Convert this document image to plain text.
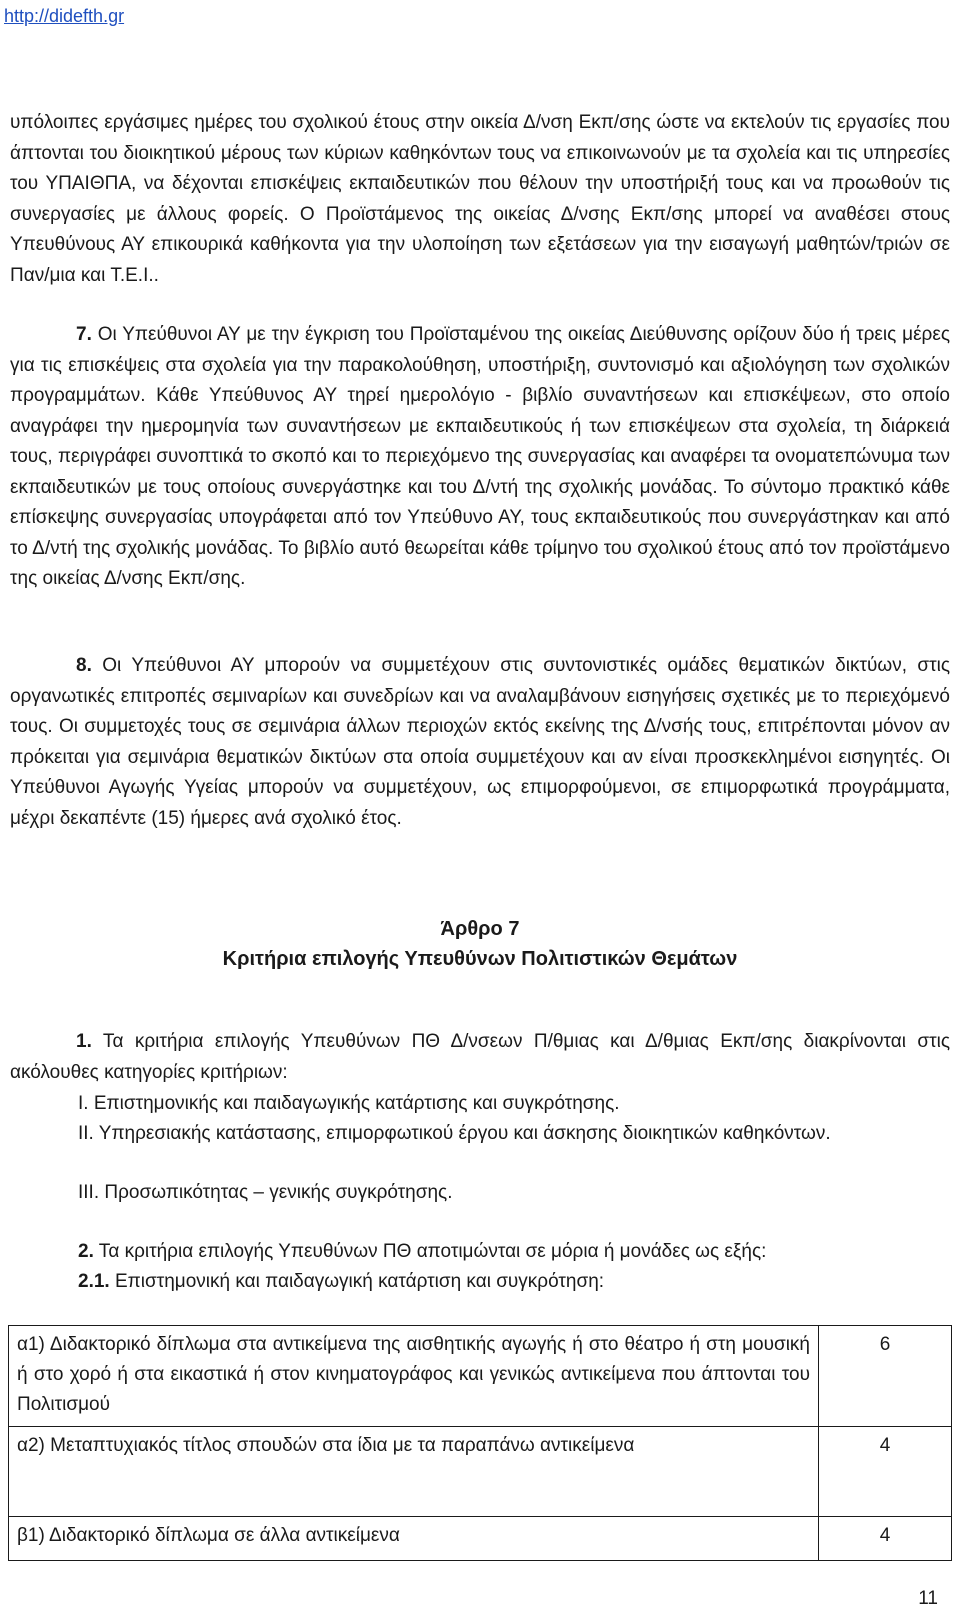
http://didefth.gr

υπόλοιπες εργάσιμες ημέρες του σχολικού έτους στην οικεία Δ/νση Εκπ/σης ώστε να εκτελούν τις εργασίες που άπτονται του διοικητικού μέρους των κύριων καθηκόντων τους να επικοινωνούν με τα σχολεία και τις υπηρεσίες του ΥΠΑΙΘΠΑ, να δέχονται επισκέψεις εκπαιδευτικών που θέλουν την υποστήριξή τους και να προωθούν τις συνεργασίες με άλλους φορείς. Ο Προϊστάμενος της οικείας Δ/νσης Εκπ/σης μπορεί να αναθέσει στους Υπευθύνους ΑΥ επικουρικά καθήκοντα για την υλοποίηση των εξετάσεων για την εισαγωγή μαθητών/τριών σε Παν/μια και Τ.Ε.Ι..

7. Οι Υπεύθυνοι ΑΥ με την έγκριση του Προϊσταμένου της οικείας Διεύθυνσης ορίζουν δύο ή τρεις μέρες για τις επισκέψεις στα σχολεία για την παρακολούθηση, υποστήριξη, συντονισμό και αξιολόγηση των σχολικών προγραμμάτων. Κάθε Υπεύθυνος ΑΥ τηρεί ημερολόγιο - βιβλίο συναντήσεων και επισκέψεων, στο οποίο αναγράφει την ημερομηνία των συναντήσεων με εκπαιδευτικούς ή των επισκέψεων στα σχολεία, τη διάρκειά τους, περιγράφει συνοπτικά το σκοπό και το περιεχόμενο της συνεργασίας και αναφέρει τα ονοματεπώνυμα των εκπαιδευτικών με τους οποίους συνεργάστηκε και του Δ/ντή της σχολικής μονάδας. Το σύντομο πρακτικό κάθε επίσκεψης συνεργασίας υπογράφεται από τον Υπεύθυνο ΑΥ, τους εκπαιδευτικούς που συνεργάστηκαν και από το Δ/ντή της σχολικής μονάδας. Το βιβλίο αυτό θεωρείται κάθε τρίμηνο του σχολικού έτους από τον προϊστάμενο της οικείας Δ/νσης Εκπ/σης.

8. Οι Υπεύθυνοι ΑΥ μπορούν να συμμετέχουν στις συντονιστικές ομάδες θεματικών δικτύων, στις οργανωτικές επιτροπές σεμιναρίων και συνεδρίων και να αναλαμβάνουν εισηγήσεις σχετικές με το περιεχόμενό τους. Οι συμμετοχές τους σε σεμινάρια άλλων περιοχών εκτός εκείνης της Δ/νσής τους, επιτρέπονται μόνον αν πρόκειται για σεμινάρια θεματικών δικτύων στα οποία συμμετέχουν και αν είναι προσκεκλημένοι εισηγητές. Οι Υπεύθυνοι Αγωγής Υγείας μπορούν να συμμετέχουν, ως επιμορφούμενοι, σε επιμορφωτικά προγράμματα, μέχρι δεκαπέντε (15) ήμερες ανά σχολικό έτος.

Άρθρο 7

Κριτήρια επιλογής Υπευθύνων Πολιτιστικών Θεμάτων

1. Τα κριτήρια επιλογής Υπευθύνων ΠΘ Δ/νσεων Π/θμιας και Δ/θμιας Εκπ/σης διακρίνονται στις ακόλουθες κατηγορίες κριτήριων:

Ι. Επιστημονικής και παιδαγωγικής κατάρτισης και συγκρότησης.

ΙΙ. Υπηρεσιακής κατάστασης, επιμορφωτικού έργου και άσκησης διοικητικών καθηκόντων.

ΙΙΙ. Προσωπικότητας – γενικής συγκρότησης.

2. Τα κριτήρια επιλογής Υπευθύνων ΠΘ αποτιμώνται σε μόρια ή μονάδες ως εξής:

2.1. Επιστημονική και παιδαγωγική κατάρτιση και συγκρότηση:

α1) Διδακτορικό δίπλωμα στα αντικείμενα της αισθητικής αγωγής ή στο θέατρο ή στη μουσική ή στο χορό ή στα εικαστικά ή στον κινηματογράφος και γενικώς αντικείμενα που άπτονται του Πολιτισμού	6
α2) Μεταπτυχιακός τίτλος σπουδών στα ίδια με τα παραπάνω αντικείμενα	4
β1) Διδακτορικό δίπλωμα σε άλλα αντικείμενα	4
11
